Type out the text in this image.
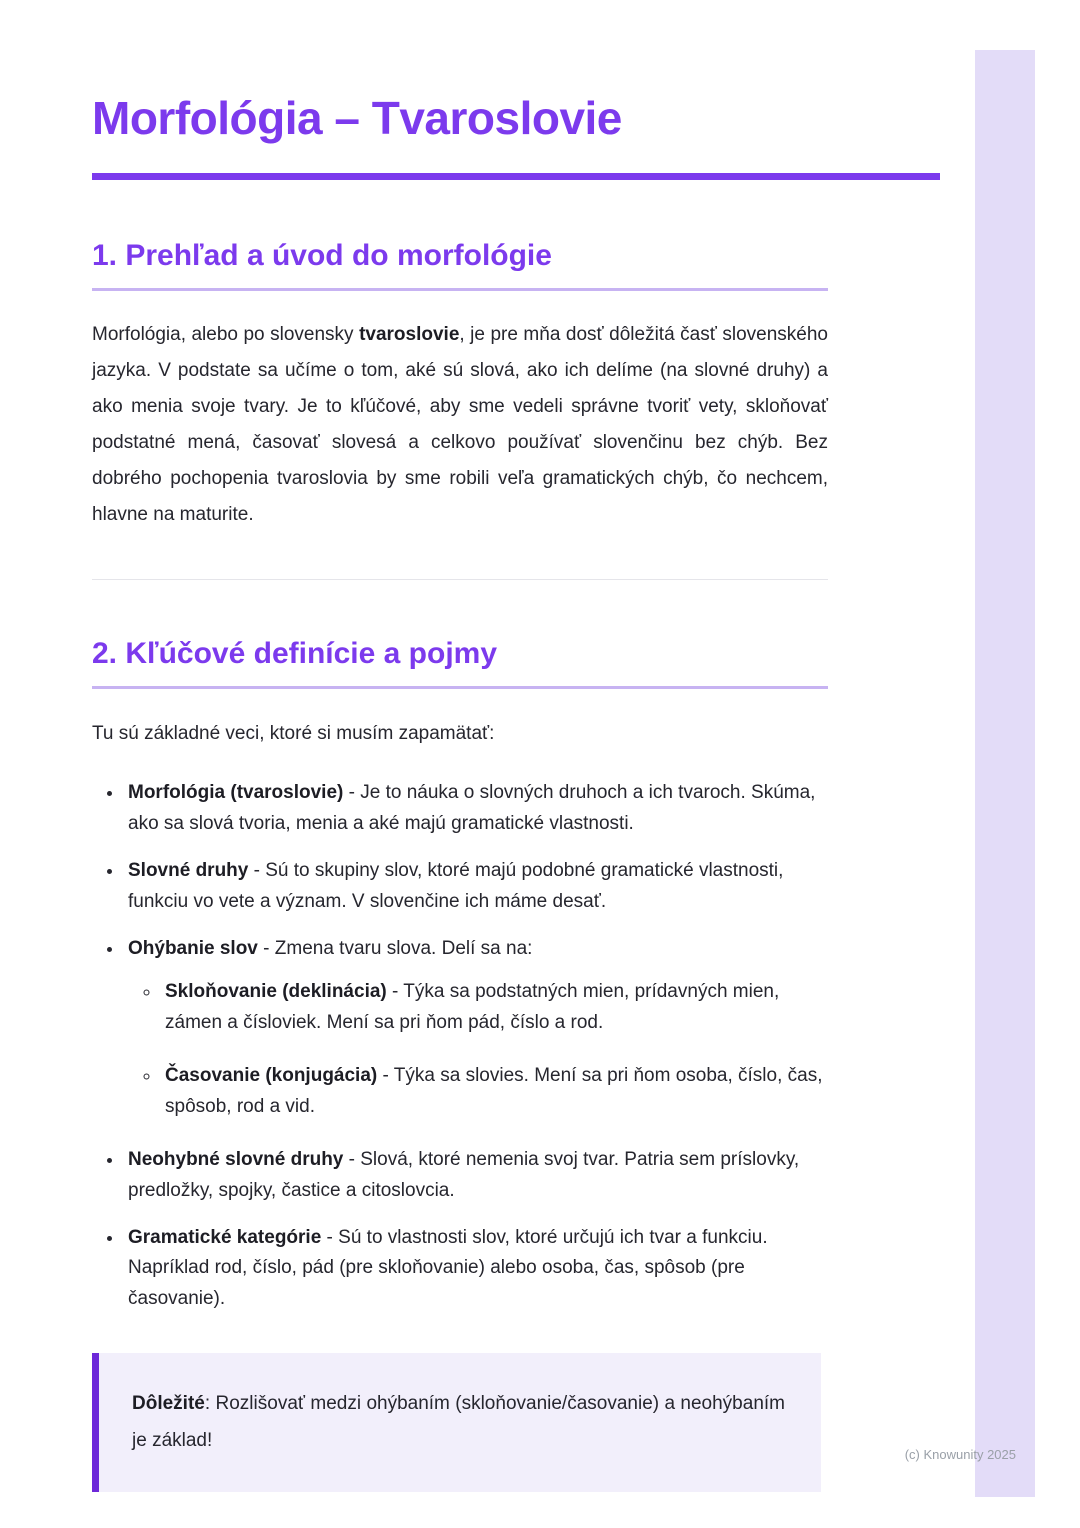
Morfológia – Tvaroslovie
1. Prehľad a úvod do morfológie

Morfológia, alebo po slovensky tvaroslovie, je pre mňa dosť dôležitá časť slovenského jazyka. V podstate sa učíme o tom, aké sú slová, ako ich delíme (na slovné druhy) a ako menia svoje tvary. Je to kľúčové, aby sme vedeli správne tvoriť vety, skloňovať podstatné mená, časovať slovesá a celkovo používať slovenčinu bez chýb. Bez dobrého pochopenia tvaroslovia by sme robili veľa gramatických chýb, čo nechcem, hlavne na maturite.

2. Kľúčové definície a pojmy

Tu sú základné veci, ktoré si musím zapamätať:

• Morfológia (tvaroslovie) - Je to náuka o slovných druhoch a ich tvaroch. Skúma, ako sa slová tvoria, menia a aké majú gramatické vlastnosti.
• Slovné druhy - Sú to skupiny slov, ktoré majú podobné gramatické vlastnosti, funkciu vo vete a význam. V slovenčine ich máme desať.
• Ohýbanie slov - Zmena tvaru slova. Delí sa na:
◦ Skloňovanie (deklinácia) - Týka sa podstatných mien, prídavných mien, zámen a čísloviek. Mení sa pri ňom pád, číslo a rod.
◦ Časovanie (konjugácia) - Týka sa slovies. Mení sa pri ňom osoba, číslo, čas, spôsob, rod a vid.
• Neohybné slovné druhy - Slová, ktoré nemenia svoj tvar. Patria sem príslovky, predložky, spojky, častice a citoslovcia.
• Gramatické kategórie - Sú to vlastnosti slov, ktoré určujú ich tvar a funkciu. Napríklad rod, číslo, pád (pre skloňovanie) alebo osoba, čas, spôsob (pre časovanie).

Dôležité: Rozlišovať medzi ohýbaním (skloňovanie/časovanie) a neohýbaním je základ!

(c) Knowunity 2025
